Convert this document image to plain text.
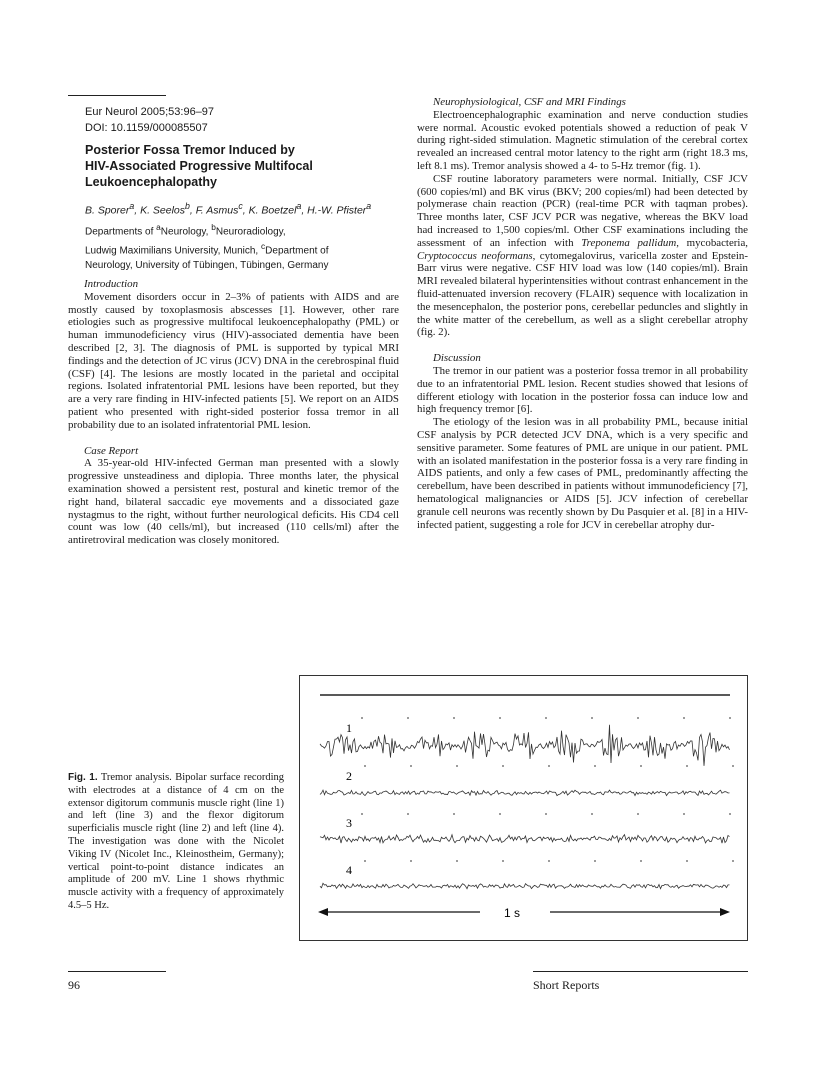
Eur Neurol 2005;53:96–97
DOI: 10.1159/000085507
Posterior Fossa Tremor Induced by
HIV-Associated Progressive Multifocal
Leukoencephalopathy
B. Sporer$^a$, K. Seelos$^b$, F. Asmus$^c$, K. Boetzel$^a$, H.-W. Pfister$^a$
Departments of $^a$Neurology, $^b$Neuroradiology,
Ludwig Maximilians University, Munich, $^c$Department of
Neurology, University of Tübingen, Tübingen, Germany
Introduction

Movement disorders occur in 2–3% of patients with AIDS and are mostly caused by toxoplasmosis abscesses [1]. However, other rare etiologies such as progressive multifocal leukoencephalopathy (PML) or human immunodeficiency virus (HIV)-associated dementia have been described [2, 3]. The diagnosis of PML is supported by typical MRI findings and the detection of JC virus (JCV) DNA in the cerebrospinal fluid (CSF) [4]. The lesions are mostly located in the parietal and occipital regions. Isolated infratentorial PML lesions have been reported, but they are a very rare finding in HIV-infected patients [5]. We report on an AIDS patient who presented with right-sided posterior fossa tremor in all probability due to an isolated infratentorial PML lesion.

Case Report

A 35-year-old HIV-infected German man presented with a slowly progressive unsteadiness and diplopia. Three months later, the physical examination showed a persistent rest, postural and kinetic tremor of the right hand, bilateral saccadic eye movements and a dissociated gaze nystagmus to the right, without further neurological deficits. His CD4 cell count was low (40 cells/ml), but increased (110 cells/ml) after the antiretroviral medication was closely monitored.

Neurophysiological, CSF and MRI Findings

Electroencephalographic examination and nerve conduction studies were normal. Acoustic evoked potentials showed a reduction of peak V during right-sided stimulation. Magnetic stimulation of the cerebral cortex revealed an increased central motor latency to the right arm (right 18.3 ms, left 8.1 ms). Tremor analysis showed a 4- to 5-Hz tremor (fig. 1).

CSF routine laboratory parameters were normal. Initially, CSF JCV (600 copies/ml) and BK virus (BKV; 200 copies/ml) had been detected by polymerase chain reaction (PCR) (real-time PCR with taqman probes). Three months later, CSF JCV PCR was negative, whereas the BKV load had increased to 1,500 copies/ml. Other CSF examinations including the assessment of an infection with Treponema pallidum, mycobacteria, Cryptococcus neoformans, cytomegalovirus, varicella zoster and Epstein-Barr virus were negative. CSF HIV load was low (140 copies/ml). Brain MRI revealed bilateral hyperintensities without contrast enhancement in the fluid-attenuated inversion recovery (FLAIR) sequence with localization in the mesencephalon, the posterior pons, cerebellar peduncles and slightly in the white matter of the cerebellum, as well as a slight cerebellar atrophy (fig. 2).

Discussion

The tremor in our patient was a posterior fossa tremor in all probability due to an infratentorial PML lesion. Recent studies showed that lesions of different etiology with location in the posterior fossa can induce low and high frequency tremor [6].

The etiology of the lesion was in all probability PML, because initial CSF analysis by PCR detected JCV DNA, which is a very specific and sensitive parameter. Some features of PML are unique in our patient. PML with an isolated manifestation in the posterior fossa is a very rare finding in AIDS patients, and only a few cases of PML, predominantly affecting the cerebellum, have been described in patients without immunodeficiency [7], hematological malignancies or AIDS [5]. JCV infection of cerebellar granule cell neurons was recently shown by Du Pasquier et al. [8] in a HIV-infected patient, suggesting a role for JCV in cerebellar atrophy dur-

Fig. 1. Tremor analysis. Bipolar surface recording with electrodes at a distance of 4 cm on the extensor digitorum communis muscle right (line 1) and left (line 3) and the flexor digitorum superficialis muscle right (line 2) and left (line 4). The investigation was done with the Nicolet Viking IV (Nicolet Inc., Kleinostheim, Germany); vertical point-to-point distance indicates an amplitude of 200 mV. Line 1 shows rhythmic muscle activity with a frequency of approximately 4.5–5 Hz.
1
2
3
4
1 s
96	Short Reports
